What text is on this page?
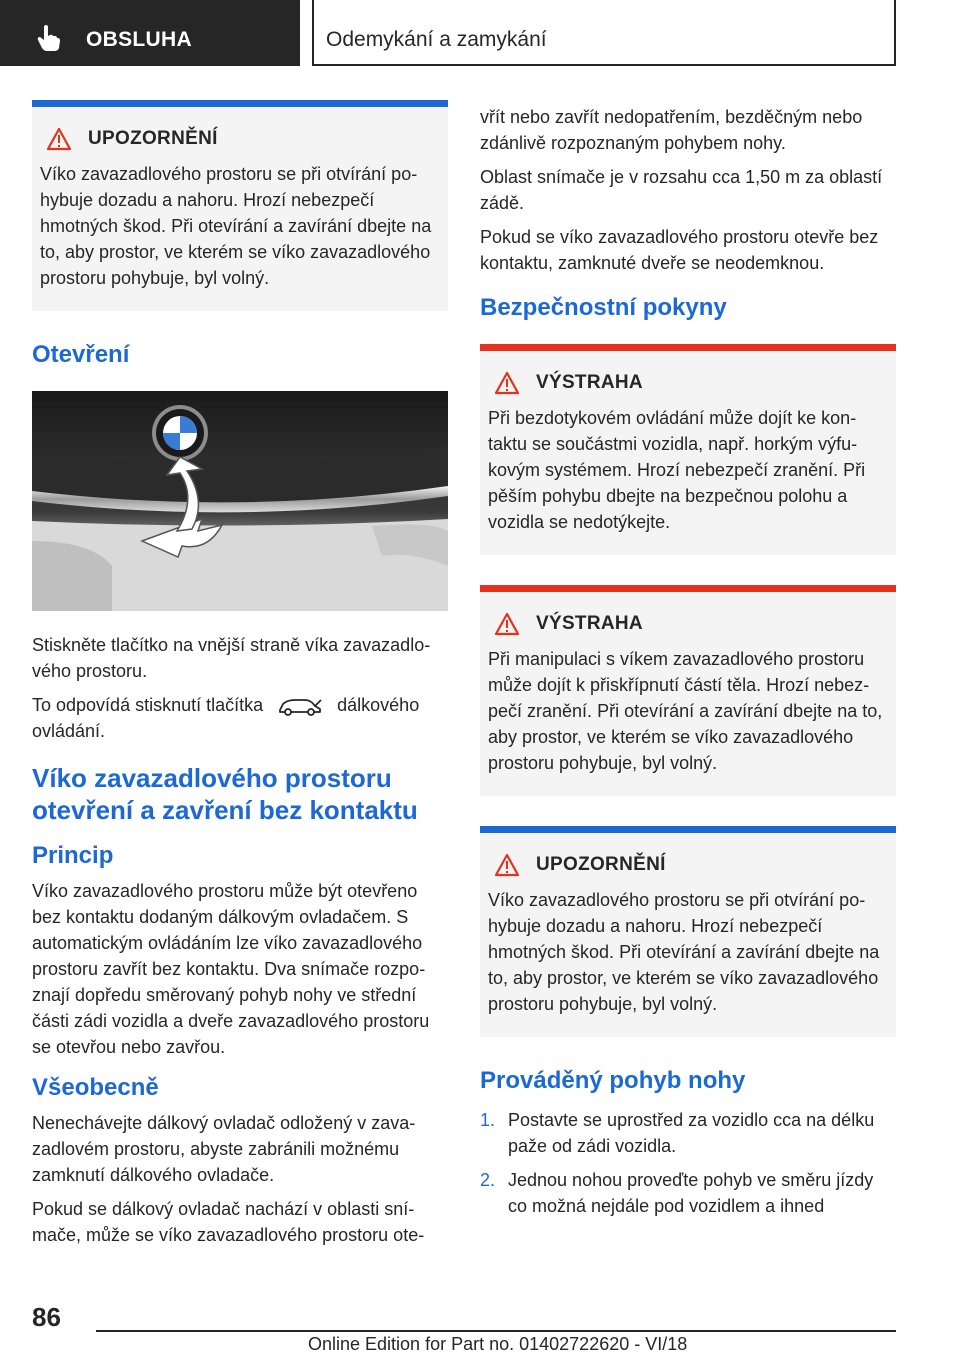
OBSLUHA	Odemykání a zamykání
UPOZORNĚNÍ

Víko zavazadlového prostoru se při otvírání pohybuje dozadu a nahoru. Hrozí nebezpečí hmotných škod. Při otevírání a zavírání dbejte na to, aby prostor, ve kterém se víko zavazadlového prostoru pohybuje, byl volný.

Otevření

Stiskněte tlačítko na vnější straně víka zavazadlového prostoru.

To odpovídá stisknutí tlačítka	dálkového ovládání.

Víko zavazadlového prostoru otevření a zavření bez kontaktu
Princip

Víko zavazadlového prostoru může být otevřeno bez kontaktu dodaným dálkovým ovladačem. S automatickým ovládáním lze víko zavazadlového prostoru zavřít bez kontaktu. Dva snímače rozpoznají dopředu směrovaný pohyb nohy ve střední části zádi vozidla a dveře zavazadlového prostoru se otevřou nebo zavřou.

Všeobecně

Nenechávejte dálkový ovladač odložený v zavazadlovém prostoru, abyste zabránili možnému zamknutí dálkového ovladače.

Pokud se dálkový ovladač nachází v oblasti snímače, může se víko zavazadlového prostoru ote-

vřít nebo zavřít nedopatřením, bezděčným nebo zdánlivě rozpoznaným pohybem nohy.

Oblast snímače je v rozsahu cca 1,50 m za oblastí zádě.

Pokud se víko zavazadlového prostoru otevře bez kontaktu, zamknuté dveře se neodemknou.

Bezpečnostní pokyny
VÝSTRAHA

Při bezdotykovém ovládání může dojít ke kontaktu se součástmi vozidla, např. horkým výfukovým systémem. Hrozí nebezpečí zranění. Při pěším pohybu dbejte na bezpečnou polohu a vozidla se nedotýkejte.

VÝSTRAHA

Při manipulaci s víkem zavazadlového prostoru může dojít k přiskřípnutí částí těla. Hrozí nebezpečí zranění. Při otevírání a zavírání dbejte na to, aby prostor, ve kterém se víko zavazadlového prostoru pohybuje, byl volný.

UPOZORNĚNÍ

Víko zavazadlového prostoru se při otvírání pohybuje dozadu a nahoru. Hrozí nebezpečí hmotných škod. Při otevírání a zavírání dbejte na to, aby prostor, ve kterém se víko zavazadlového prostoru pohybuje, byl volný.

Prováděný pohyb nohy
1. Postavte se uprostřed za vozidlo cca na délku paže od zádi vozidla.
2. Jednou nohou proveďte pohyb ve směru jízdy co možná nejdále pod vozidlem a ihned
86
Online Edition for Part no. 01402722620 - VI/18
